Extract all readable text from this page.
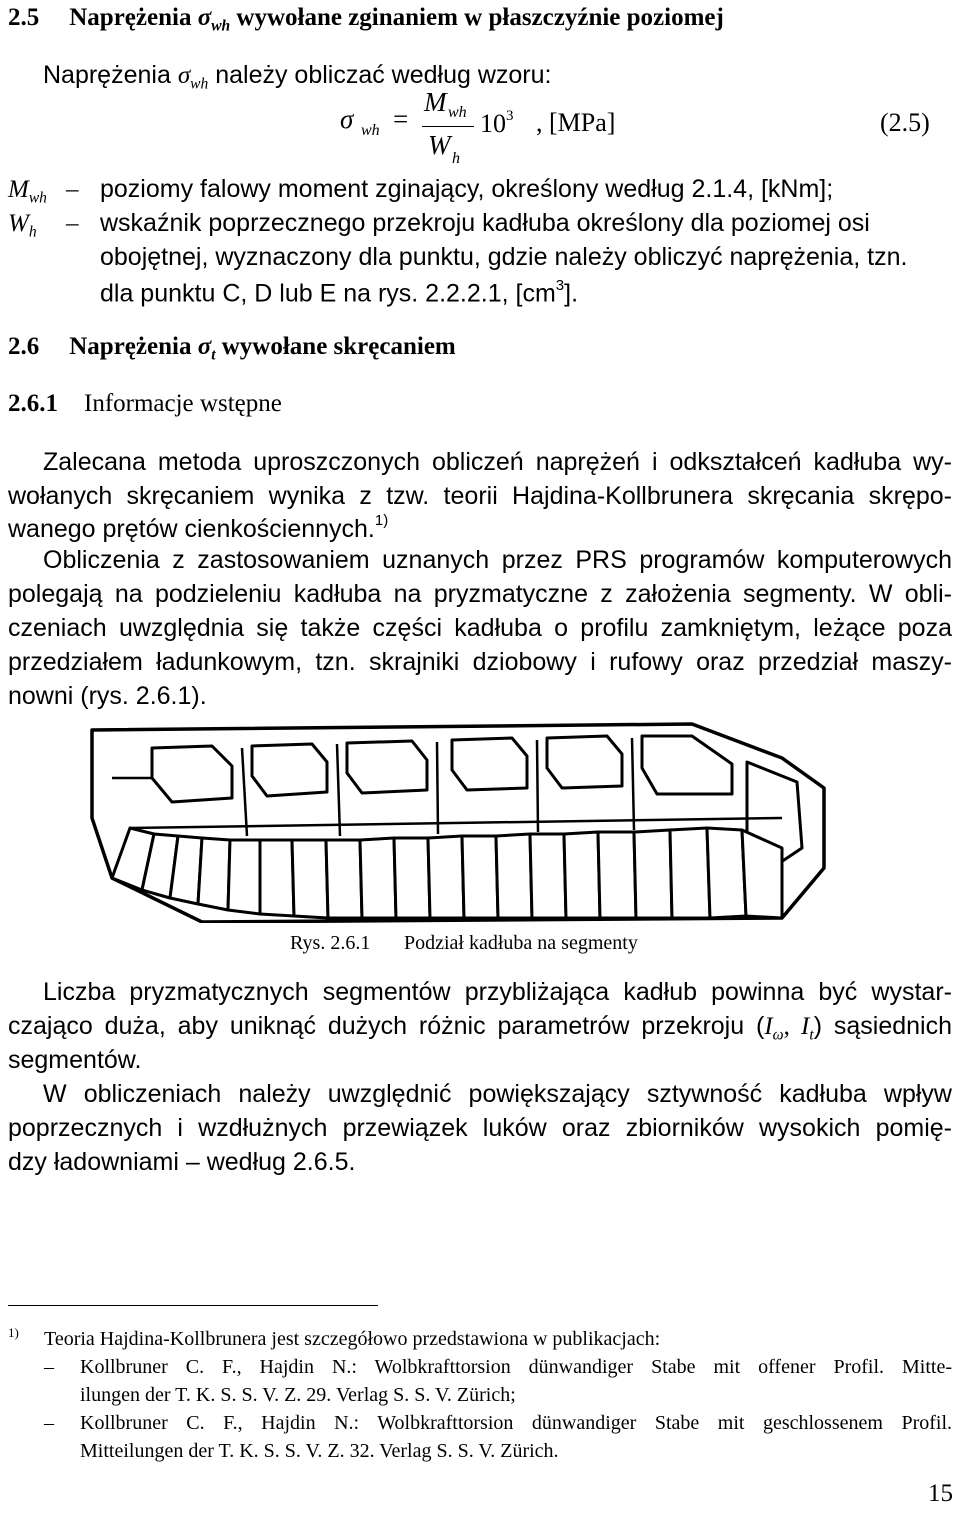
2.5 Naprężenia $\sigma_{wh}$ wywołane zginaniem w płaszczyźnie poziomej
Naprężenia $\sigma_{wh}$ należy obliczać według wzoru:
σ wh =
M wh
W h
$10^3$ , [MPa]	(2.5)
$M_{wh}$ – poziomy falowy moment zginający, określony według 2.1.4, [kNm];
$W_h$ – wskaźnik poprzecznego przekroju kadłuba określony dla poziomej osi
obojętnej, wyznaczony dla punktu, gdzie należy obliczyć naprężenia, tzn.
dla punktu C, D lub E na rys. 2.2.2.1, $[cm^3]$.
2.6 Naprężenia $\sigma_t$ wywołane skręcaniem
2.6.1 Informacje wstępne
Zalecana metoda uproszczonych obliczeń naprężeń i odkształceń kadłuba wy-
wołanych skręcaniem wynika z tzw. teorii Hajdina-Kollbrunera skręcania skrępo-
wanego prętów cienkościennych.$^{1)}$
Obliczenia z zastosowaniem uznanych przez PRS programów komputerowych
polegają na podzieleniu kadłuba na pryzmatyczne z założenia segmenty. W obli-
czeniach uwzględnia się także części kadłuba o profilu zamkniętym, leżące poza
przedziałem ładunkowym, tzn. skrajniki dziobowy i rufowy oraz przedział maszy-
nowni (rys. 2.6.1).
Rys. 2.6.1 Podział kadłuba na segmenty
Liczba pryzmatycznych segmentów przybliżająca kadłub powinna być wystar-
czająco duża, aby uniknąć dużych różnic parametrów przekroju ($I_\omega$, $I_t$) sąsiednich
segmentów.
W obliczeniach należy uwzględnić powiększający sztywność kadłuba wpływ
poprzecznych i wzdłużnych przewiązek luków oraz zbiorników wysokich pomię-
dzy ładowniami – według 2.6.5.
1) Teoria Hajdina-Kollbrunera jest szczegółowo przedstawiona w publikacjach:
– Kollbruner C. F., Hajdin N.: Wolbkrafttorsion dünwandiger Stabe mit offener Profil. Mitte-
ilungen der T. K. S. S. V. Z. 29. Verlag S. S. V. Zürich;
– Kollbruner C. F., Hajdin N.: Wolbkrafttorsion dünwandiger Stabe mit geschlossenem Profil.
Mitteilungen der T. K. S. S. V. Z. 32. Verlag S. S. V. Zürich.
15
